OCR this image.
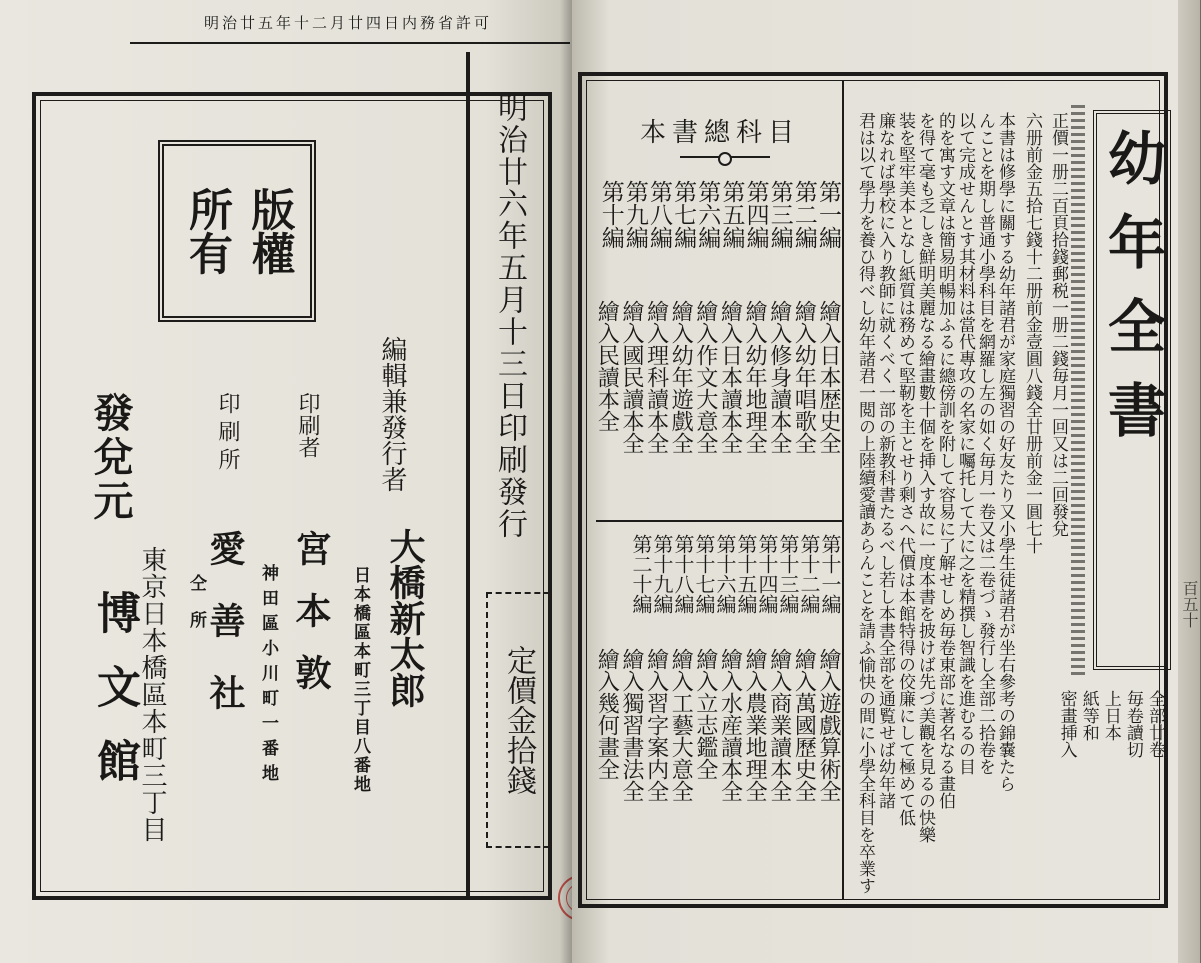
明治廿五年十二月廿四日内務省許可
所有 版權	明治廿六年五月十三日印刷發行
定價金拾錢
編輯兼發行者
大橋新太郎
日本橋區本町三丁目八番地
印刷者
宮本敦
神田區小川町一番地
印刷所
愛善社
仝所
發兌元
博文館
東京日本橋區本町三丁目
幼年全書
正價一册二百頁拾錢郵税一册二錢毎月一回又は二回發兌
六册前金五拾七錢十二册前金壹圓八錢全廿册前金一圓七十
本書は修學に關する幼年諸君が家庭獨習の好友たり又小學生徒諸君が坐右參考の錦嚢たら
んことを期し普通小學科目を網羅し左の如く毎月一卷又は二卷づゝ發行し全部二拾卷を
以て完成せんとす其材料は當代專攻の名家に囑托して大に之を精撰し智識を進むるの目
的を寓す文章は簡易明暢加ふるに總傍訓を附して容易に了解せしめ毎卷東部に著名なる畫伯
を得て毫も乏しき鮮明美麗なる繪畫數十個を挿入す故に一度本書を披けば先づ美觀を見るの快樂
装を堅牢美本となし紙質は務めて堅靭を主とせり剩さへ代價は本館特得の佼廉にして極めて低
廉なれば學校に入り教師に就くべく一部の新教科書たるべし若し本書全部を通覧せば幼年諸
君は以て學力を養ひ得べし幼年諸君一閲の上陸續愛讀あらんことを請ふ愉快の間に小學全科目を卒業す
本書總科目
第一編
第二編
第三編
第四編
第五編
第六編
第七編
第八編
第九編
第十編
繪入日本歴史全
繪入幼年唱歌全
繪入修身讀本全
繪入幼年地理全
繪入日本讀本全
繪入作文大意全
繪入幼年遊戲全
繪入理科讀本全
繪入國民讀本全
繪入民讀本全
第十一編
第十二編
第十三編
第十四編
第十五編
第十六編
第十七編
第十八編
第十九編
第二十編
繪入遊戲算術全
繪入萬國歷史全
繪入商業讀本全
繪入農業地理全
繪入水産讀本全
繪入立志鑑全
繪入工藝大意全
繪入習字案内全
繪入獨習書法全
繪入幾何畫全	全部廿卷
毎卷讀切
上日本
紙等和
密畫挿入
百五十
